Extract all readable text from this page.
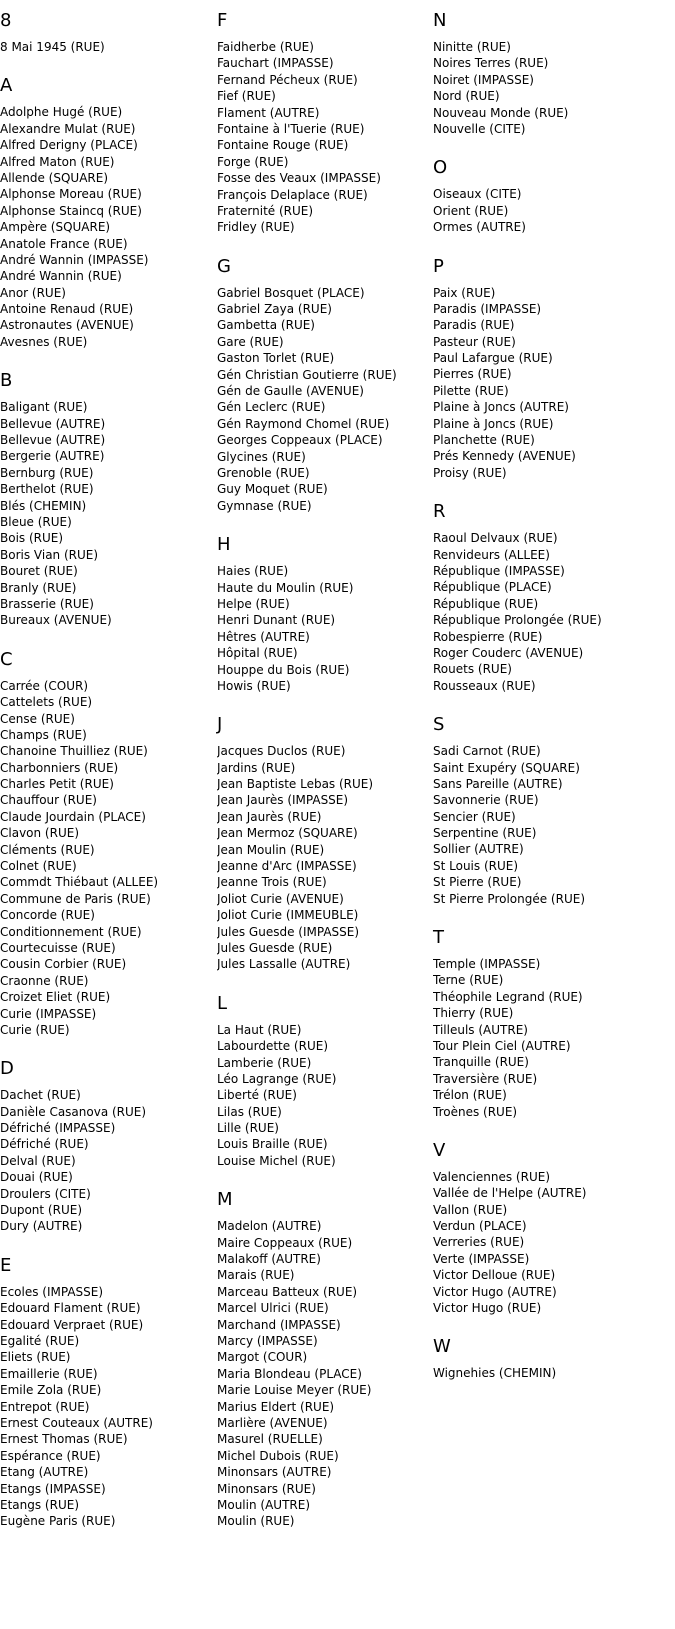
8
8 Mai 1945 (RUE)
A
Adolphe Hugé (RUE)
Alexandre Mulat (RUE)
Alfred Derigny (PLACE)
Alfred Maton (RUE)
Allende (SQUARE)
Alphonse Moreau (RUE)
Alphonse Staincq (RUE)
Ampère (SQUARE)
Anatole France (RUE)
André Wannin (IMPASSE)
André Wannin (RUE)
Anor (RUE)
Antoine Renaud (RUE)
Astronautes (AVENUE)
Avesnes (RUE)
B
Baligant (RUE)
Bellevue (AUTRE)
Bellevue (AUTRE)
Bergerie (AUTRE)
Bernburg (RUE)
Berthelot (RUE)
Blés (CHEMIN)
Bleue (RUE)
Bois (RUE)
Boris Vian (RUE)
Bouret (RUE)
Branly (RUE)
Brasserie (RUE)
Bureaux (AVENUE)
C
Carrée (COUR)
Cattelets (RUE)
Cense (RUE)
Champs (RUE)
Chanoine Thuilliez (RUE)
Charbonniers (RUE)
Charles Petit (RUE)
Chauffour (RUE)
Claude Jourdain (PLACE)
Clavon (RUE)
Cléments (RUE)
Colnet (RUE)
Commdt Thiébaut (ALLEE)
Commune de Paris (RUE)
Concorde (RUE)
Conditionnement (RUE)
Courtecuisse (RUE)
Cousin Corbier (RUE)
Craonne (RUE)
Croizet Eliet (RUE)
Curie (IMPASSE)
Curie (RUE)
D
Dachet (RUE)
Danièle Casanova (RUE)
Défriché (IMPASSE)
Défriché (RUE)
Delval (RUE)
Douai (RUE)
Droulers (CITE)
Dupont (RUE)
Dury (AUTRE)
E
Ecoles (IMPASSE)
Edouard Flament (RUE)
Edouard Verpraet (RUE)
Egalité (RUE)
Eliets (RUE)
Emaillerie (RUE)
Emile Zola (RUE)
Entrepot (RUE)
Ernest Couteaux (AUTRE)
Ernest Thomas (RUE)
Espérance (RUE)
Etang (AUTRE)
Etangs (IMPASSE)
Etangs (RUE)
Eugène Paris (RUE)
F
Faidherbe (RUE)
Fauchart (IMPASSE)
Fernand Pécheux (RUE)
Fief (RUE)
Flament (AUTRE)
Fontaine à l'Tuerie (RUE)
Fontaine Rouge (RUE)
Forge (RUE)
Fosse des Veaux (IMPASSE)
François Delaplace (RUE)
Fraternité (RUE)
Fridley (RUE)
G
Gabriel Bosquet (PLACE)
Gabriel Zaya (RUE)
Gambetta (RUE)
Gare (RUE)
Gaston Torlet (RUE)
Gén Christian Goutierre (RUE)
Gén de Gaulle (AVENUE)
Gén Leclerc (RUE)
Gén Raymond Chomel (RUE)
Georges Coppeaux (PLACE)
Glycines (RUE)
Grenoble (RUE)
Guy Moquet (RUE)
Gymnase (RUE)
H
Haies (RUE)
Haute du Moulin (RUE)
Helpe (RUE)
Henri Dunant (RUE)
Hêtres (AUTRE)
Hôpital (RUE)
Houppe du Bois (RUE)
Howis (RUE)
J
Jacques Duclos (RUE)
Jardins (RUE)
Jean Baptiste Lebas (RUE)
Jean Jaurès (IMPASSE)
Jean Jaurès (RUE)
Jean Mermoz (SQUARE)
Jean Moulin (RUE)
Jeanne d'Arc (IMPASSE)
Jeanne Trois (RUE)
Joliot Curie (AVENUE)
Joliot Curie (IMMEUBLE)
Jules Guesde (IMPASSE)
Jules Guesde (RUE)
Jules Lassalle (AUTRE)
L
La Haut (RUE)
Labourdette (RUE)
Lamberie (RUE)
Léo Lagrange (RUE)
Liberté (RUE)
Lilas (RUE)
Lille (RUE)
Louis Braille (RUE)
Louise Michel (RUE)
M
Madelon (AUTRE)
Maire Coppeaux (RUE)
Malakoff (AUTRE)
Marais (RUE)
Marceau Batteux (RUE)
Marcel Ulrici (RUE)
Marchand (IMPASSE)
Marcy (IMPASSE)
Margot (COUR)
Maria Blondeau (PLACE)
Marie Louise Meyer (RUE)
Marius Eldert (RUE)
Marlière (AVENUE)
Masurel (RUELLE)
Michel Dubois (RUE)
Minonsars (AUTRE)
Minonsars (RUE)
Moulin (AUTRE)
Moulin (RUE)
N
Ninitte (RUE)
Noires Terres (RUE)
Noiret (IMPASSE)
Nord (RUE)
Nouveau Monde (RUE)
Nouvelle (CITE)
O
Oiseaux (CITE)
Orient (RUE)
Ormes (AUTRE)
P
Paix (RUE)
Paradis (IMPASSE)
Paradis (RUE)
Pasteur (RUE)
Paul Lafargue (RUE)
Pierres (RUE)
Pilette (RUE)
Plaine à Joncs (AUTRE)
Plaine à Joncs (RUE)
Planchette (RUE)
Prés Kennedy (AVENUE)
Proisy (RUE)
R
Raoul Delvaux (RUE)
Renvideurs (ALLEE)
République (IMPASSE)
République (PLACE)
République (RUE)
République Prolongée (RUE)
Robespierre (RUE)
Roger Couderc (AVENUE)
Rouets (RUE)
Rousseaux (RUE)
S
Sadi Carnot (RUE)
Saint Exupéry (SQUARE)
Sans Pareille (AUTRE)
Savonnerie (RUE)
Sencier (RUE)
Serpentine (RUE)
Sollier (AUTRE)
St Louis (RUE)
St Pierre (RUE)
St Pierre Prolongée (RUE)
T
Temple (IMPASSE)
Terne (RUE)
Théophile Legrand (RUE)
Thierry (RUE)
Tilleuls (AUTRE)
Tour Plein Ciel (AUTRE)
Tranquille (RUE)
Traversière (RUE)
Trélon (RUE)
Troènes (RUE)
V
Valenciennes (RUE)
Vallée de l'Helpe (AUTRE)
Vallon (RUE)
Verdun (PLACE)
Verreries (RUE)
Verte (IMPASSE)
Victor Delloue (RUE)
Victor Hugo (AUTRE)
Victor Hugo (RUE)
W
Wignehies (CHEMIN)
